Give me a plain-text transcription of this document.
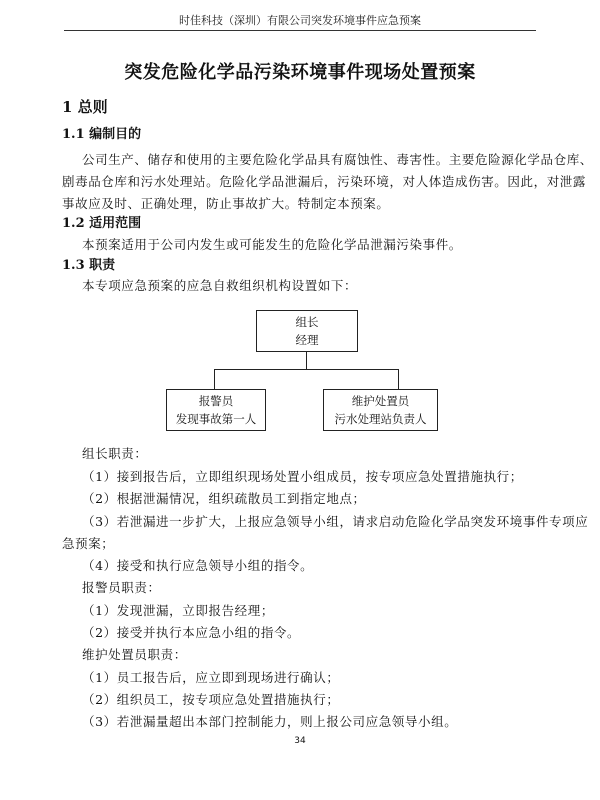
时佳科技（深圳）有限公司突发环境事件应急预案
突发危险化学品污染环境事件现场处置预案
1 总则
1.1 编制目的
公司生产、储存和使用的主要危险化学品具有腐蚀性、毒害性。主要危险源化学品仓库、
剧毒品仓库和污水处理站。危险化学品泄漏后，污染环境，对人体造成伤害。因此，对泄露
事故应及时、正确处理，防止事故扩大。特制定本预案。
1.2 适用范围
本预案适用于公司内发生或可能发生的危险化学品泄漏污染事件。
1.3 职责
本专项应急预案的应急自救组织机构设置如下：
组长
经理
报警员
发现事故第一人
维护处置员
污水处理站负责人
组长职责：
（1）接到报告后，立即组织现场处置小组成员，按专项应急处置措施执行；
（2）根据泄漏情况，组织疏散员工到指定地点；
（3）若泄漏进一步扩大，上报应急领导小组，请求启动危险化学品突发环境事件专项应
急预案；
（4）接受和执行应急领导小组的指令。
报警员职责：
（1）发现泄漏，立即报告经理；
（2）接受并执行本应急小组的指令。
维护处置员职责：
（1）员工报告后，应立即到现场进行确认；
（2）组织员工，按专项应急处置措施执行；
（3）若泄漏量超出本部门控制能力，则上报公司应急领导小组。
34
